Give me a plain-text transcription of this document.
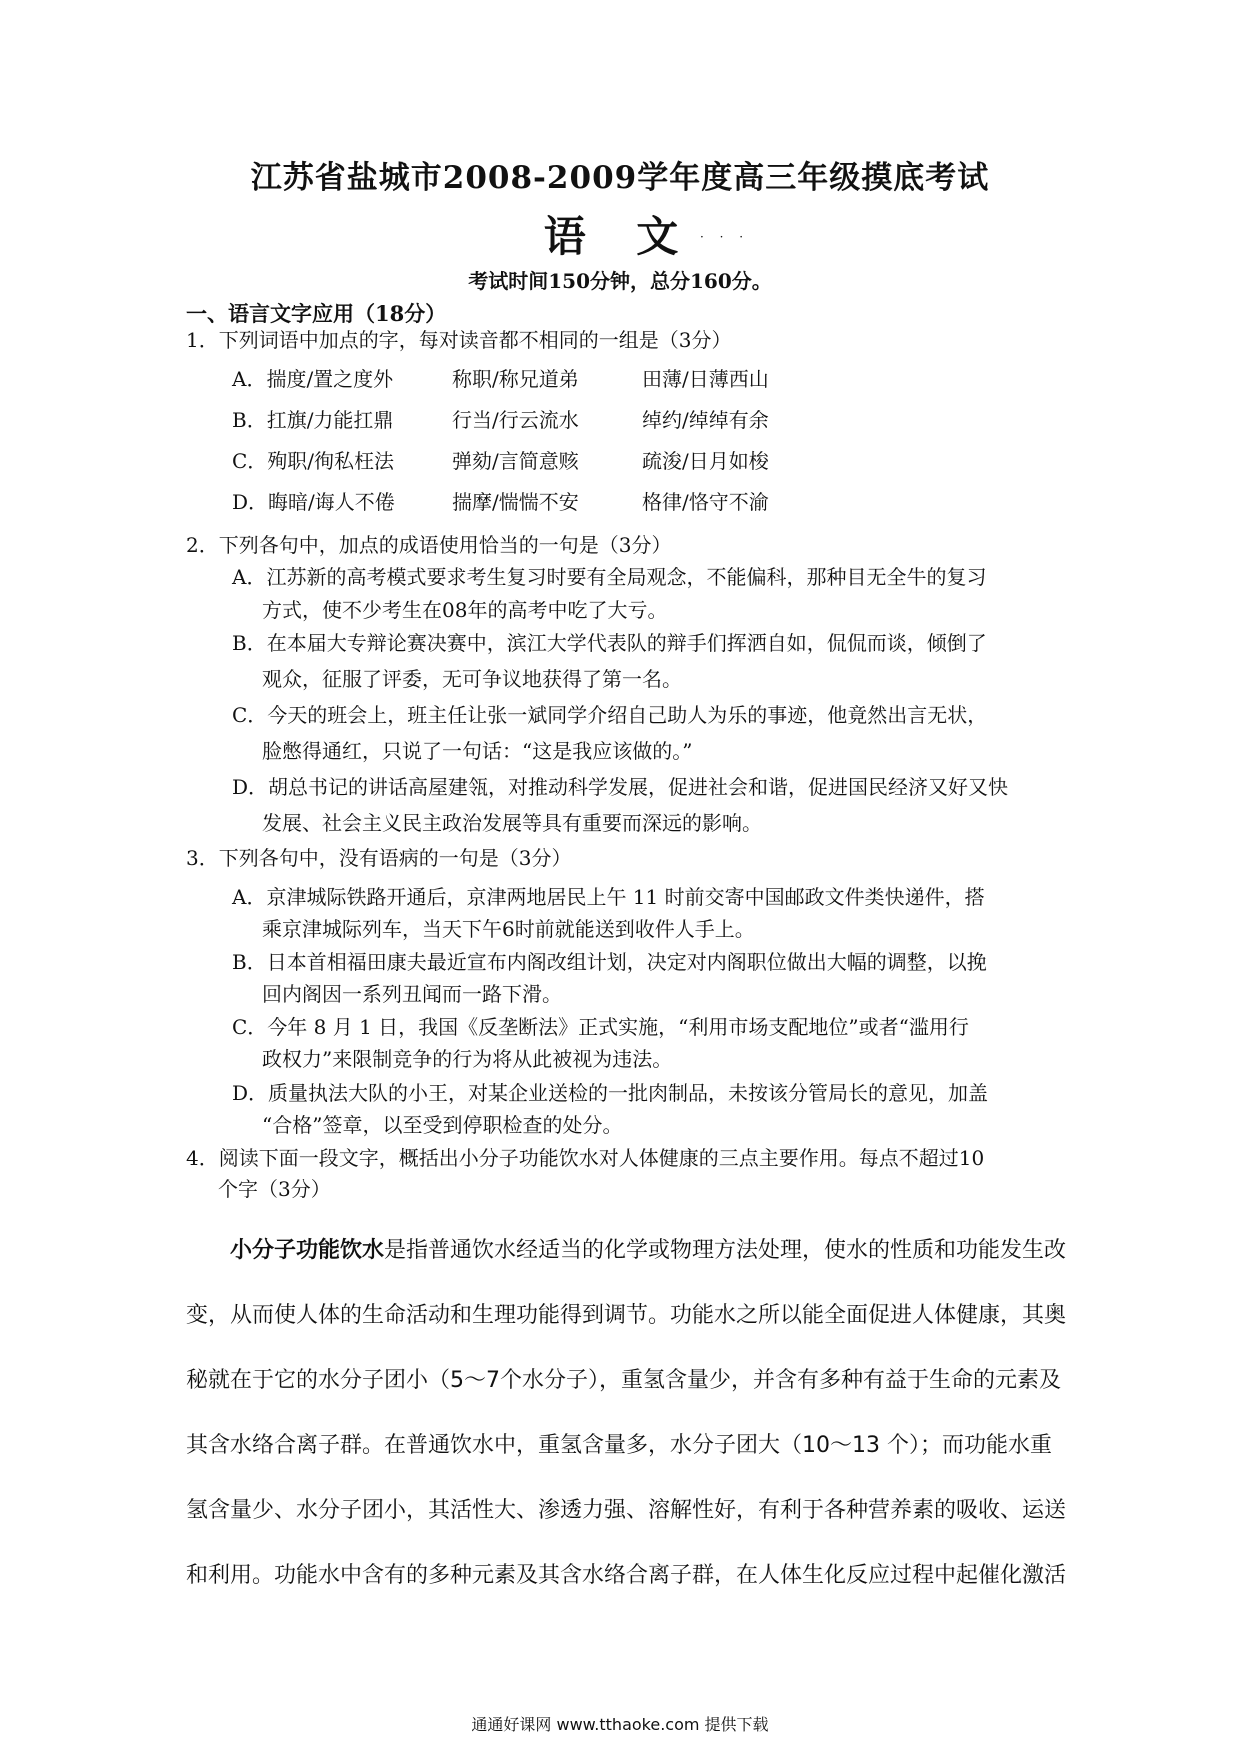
江苏省盐城市2008-2009学年度高三年级摸底考试
语 文 · · ·
考试时间150分钟，总分160分。
一、语言文字应用（18分）
1．下列词语中加点的字，每对读音都不相同的一组是（3分）
A．揣度/置之度外	称职/称兄道弟	田薄/日薄西山
B．扛旗/力能扛鼎	行当/行云流水	绰约/绰绰有余
C．殉职/徇私枉法	弹劾/言简意赅	疏浚/日月如梭
D．晦暗/诲人不倦	揣摩/惴惴不安	格律/恪守不渝
2．下列各句中，加点的成语使用恰当的一句是（3分）
A．江苏新的高考模式要求考生复习时要有全局观念，不能偏科，那种目无全牛的复习
方式，使不少考生在08年的高考中吃了大亏。
B．在本届大专辩论赛决赛中，滨江大学代表队的辩手们挥洒自如，侃侃而谈，倾倒了
观众，征服了评委，无可争议地获得了第一名。
C．今天的班会上，班主任让张一斌同学介绍自己助人为乐的事迹，他竟然出言无状，
脸憋得通红，只说了一句话：“这是我应该做的。”
D．胡总书记的讲话高屋建瓴，对推动科学发展，促进社会和谐，促进国民经济又好又快
发展、社会主义民主政治发展等具有重要而深远的影响。
3．下列各句中，没有语病的一句是（3分）
A．京津城际铁路开通后，京津两地居民上午 11 时前交寄中国邮政文件类快递件，搭
乘京津城际列车，当天下午6时前就能送到收件人手上。
B．日本首相福田康夫最近宣布内阁改组计划，决定对内阁职位做出大幅的调整，以挽
回内阁因一系列丑闻而一路下滑。
C．今年 8 月 1 日，我国《反垄断法》正式实施，“利用市场支配地位”或者“滥用行
政权力”来限制竞争的行为将从此被视为违法。
D．质量执法大队的小王，对某企业送检的一批肉制品，未按该分管局长的意见，加盖
“合格”签章，以至受到停职检查的处分。
4．阅读下面一段文字，概括出小分子功能饮水对人体健康的三点主要作用。每点不超过10
个字（3分）
小分子功能饮水是指普通饮水经适当的化学或物理方法处理，使水的性质和功能发生改
变，从而使人体的生命活动和生理功能得到调节。功能水之所以能全面促进人体健康，其奥
秘就在于它的水分子团小（5～7个水分子），重氢含量少，并含有多种有益于生命的元素及
其含水络合离子群。在普通饮水中，重氢含量多，水分子团大（10～13 个）；而功能水重
氢含量少、水分子团小，其活性大、渗透力强、溶解性好，有利于各种营养素的吸收、运送
和利用。功能水中含有的多种元素及其含水络合离子群，在人体生化反应过程中起催化激活
通通好课网 www.tthaoke.com 提供下载
